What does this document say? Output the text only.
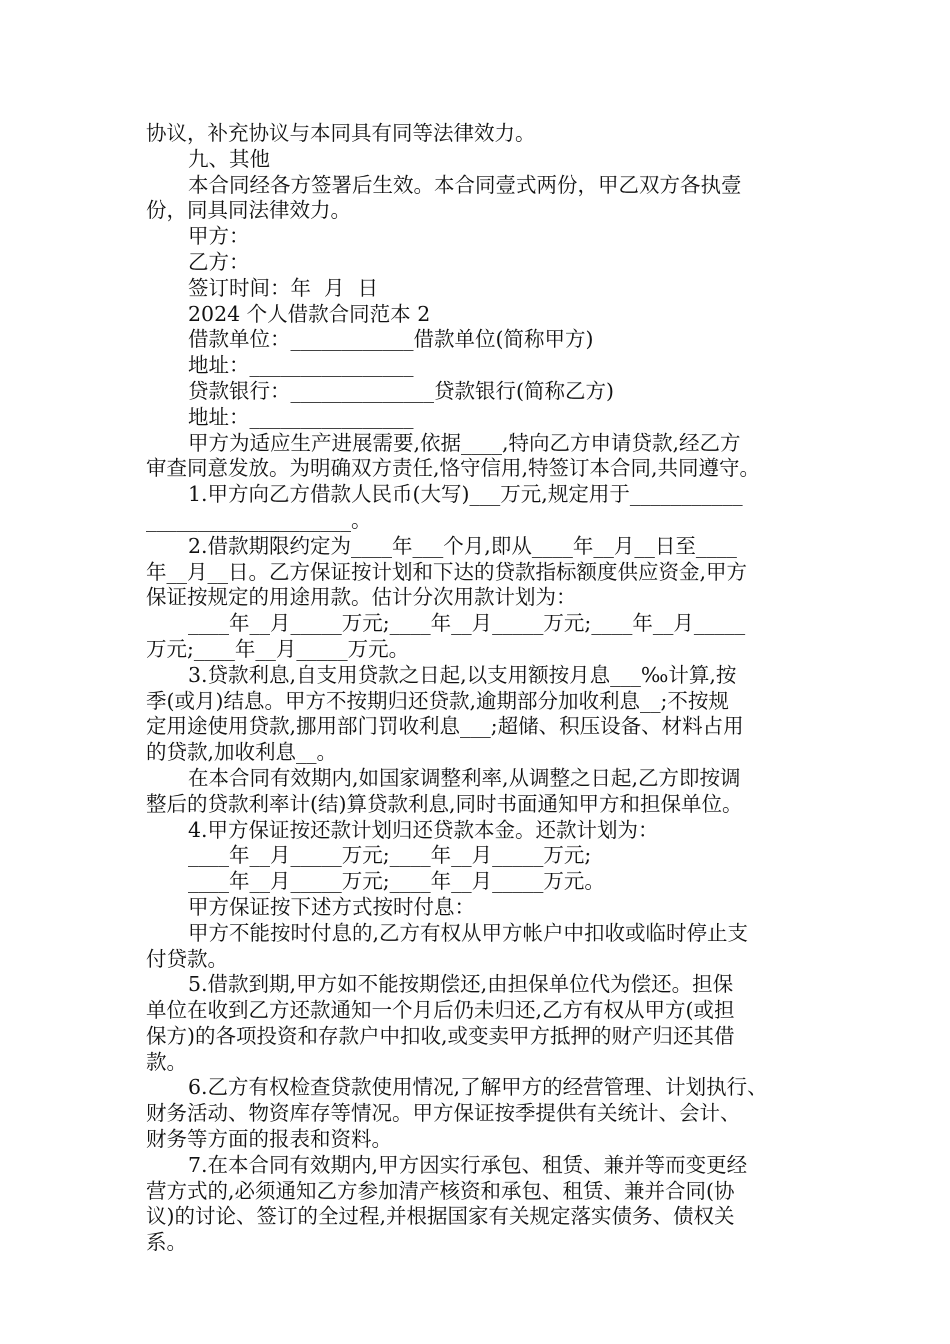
协议，补充协议与本同具有同等法律效力。
九、其他
本合同经各方签署后生效。本合同壹式两份，甲乙双方各执壹
份，同具同法律效力。
甲方：
乙方：
签订时间：年  月  日
2024 个人借款合同范本 2
借款单位：____________借款单位(简称甲方)
地址：________________
贷款银行：______________贷款银行(简称乙方)
地址：________________
甲方为适应生产进展需要,依据____,特向乙方申请贷款,经乙方
审查同意发放。为明确双方责任,恪守信用,特签订本合同,共同遵守。
1.甲方向乙方借款人民币(大写)___万元,规定用于___________
____________________。
2.借款期限约定为____年___个月,即从____年__月__日至____
年__月__日。乙方保证按计划和下达的贷款指标额度供应资金,甲方
保证按规定的用途用款。估计分次用款计划为：
____年__月_____万元;____年__月_____万元;____年__月_____
万元;____年__月_____万元。
3.贷款利息,自支用贷款之日起,以支用额按月息___‰计算,按
季(或月)结息。甲方不按期归还贷款,逾期部分加收利息__;不按规
定用途使用贷款,挪用部门罚收利息___;超储、积压设备、材料占用
的贷款,加收利息__。
在本合同有效期内,如国家调整利率,从调整之日起,乙方即按调
整后的贷款利率计(结)算贷款利息,同时书面通知甲方和担保单位。
4.甲方保证按还款计划归还贷款本金。还款计划为：
____年__月_____万元;____年__月_____万元;
____年__月_____万元;____年__月_____万元。
甲方保证按下述方式按时付息：
甲方不能按时付息的,乙方有权从甲方帐户中扣收或临时停止支
付贷款。
5.借款到期,甲方如不能按期偿还,由担保单位代为偿还。担保
单位在收到乙方还款通知一个月后仍未归还,乙方有权从甲方(或担
保方)的各项投资和存款户中扣收,或变卖甲方抵押的财产归还其借
款。
6.乙方有权检查贷款使用情况,了解甲方的经营管理、计划执行、
财务活动、物资库存等情况。甲方保证按季提供有关统计、会计、
财务等方面的报表和资料。
7.在本合同有效期内,甲方因实行承包、租赁、兼并等而变更经
营方式的,必须通知乙方参加清产核资和承包、租赁、兼并合同(协
议)的讨论、签订的全过程,并根据国家有关规定落实债务、债权关
系。
